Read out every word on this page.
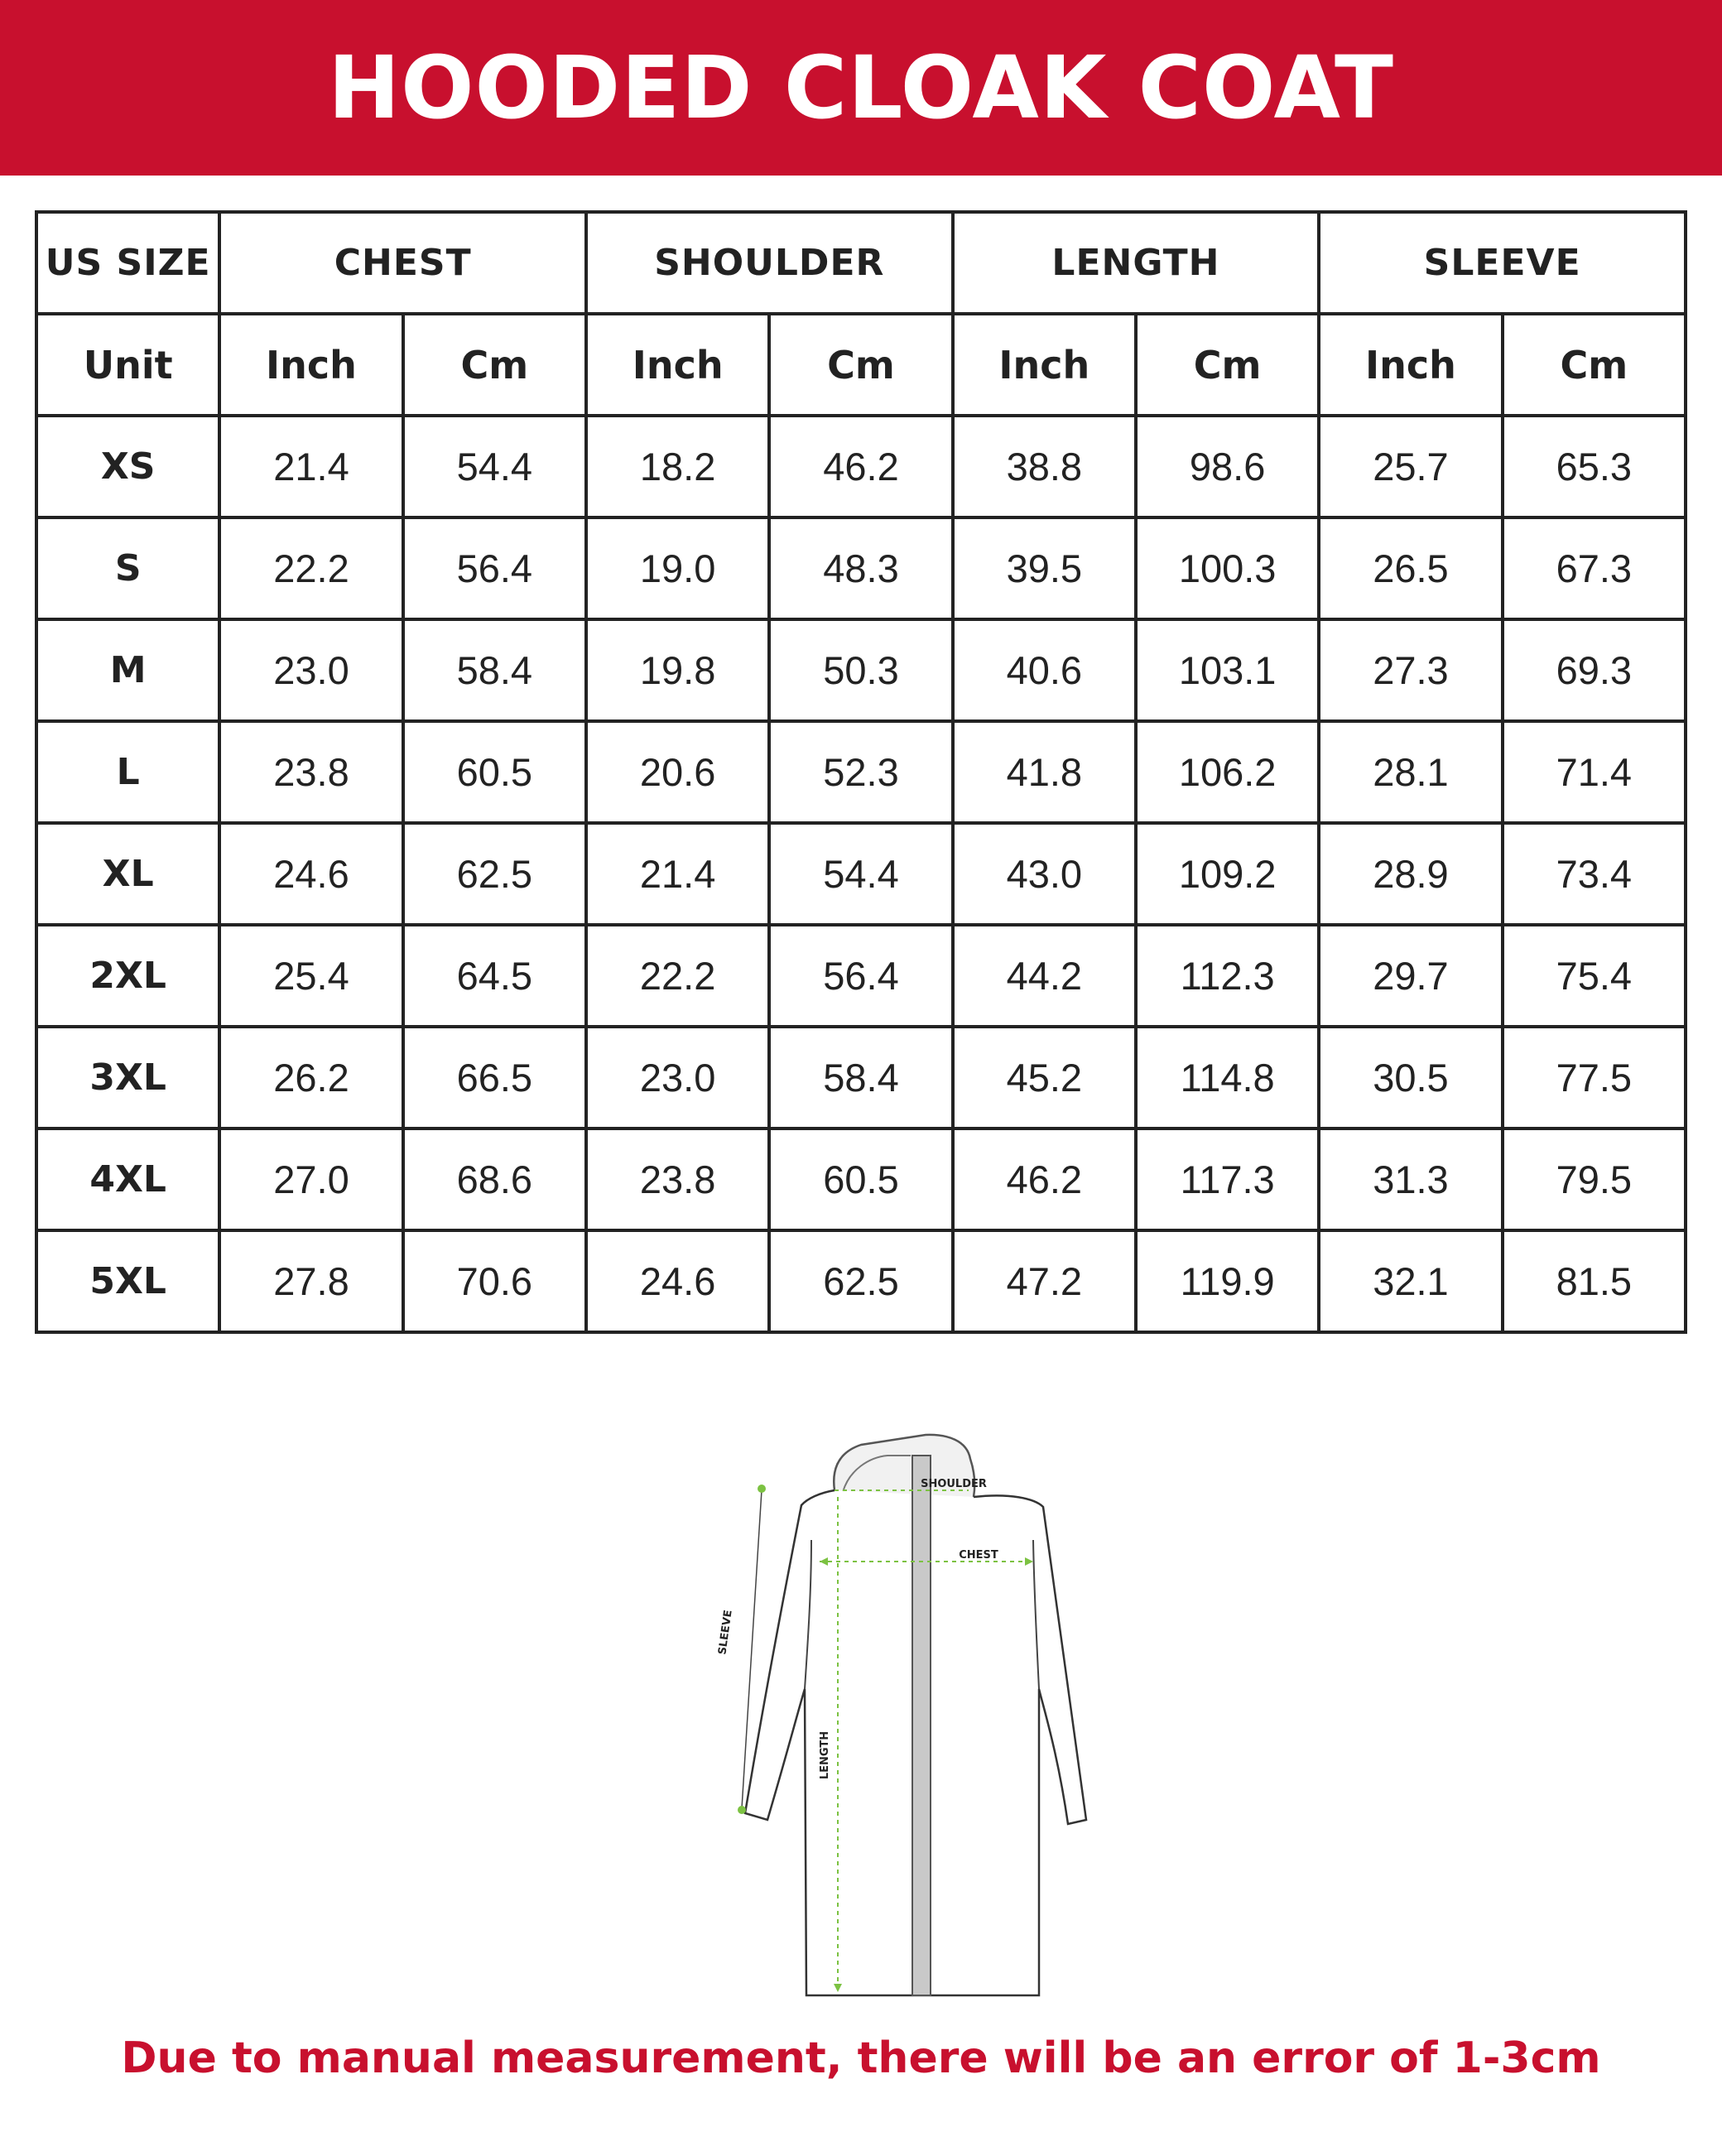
HOODED CLOAK COAT
US SIZE	CHEST		SHOULDER		LENGTH		SLEEVE	
Unit	Inch	Cm	Inch	Cm	Inch	Cm	Inch	Cm
XS	21.4	54.4	18.2	46.2	38.8	98.6	25.7	65.3
S	22.2	56.4	19.0	48.3	39.5	100.3	26.5	67.3
M	23.0	58.4	19.8	50.3	40.6	103.1	27.3	69.3
L	23.8	60.5	20.6	52.3	41.8	106.2	28.1	71.4
XL	24.6	62.5	21.4	54.4	43.0	109.2	28.9	73.4
2XL	25.4	64.5	22.2	56.4	44.2	112.3	29.7	75.4
3XL	26.2	66.5	23.0	58.4	45.2	114.8	30.5	77.5
4XL	27.0	68.6	23.8	60.5	46.2	117.3	31.3	79.5
5XL	27.8	70.6	24.6	62.5	47.2	119.9	32.1	81.5
SHOULDER
CHEST
SLEEVE
LENGTH
Due to manual measurement, there will be an error of 1-3cm
